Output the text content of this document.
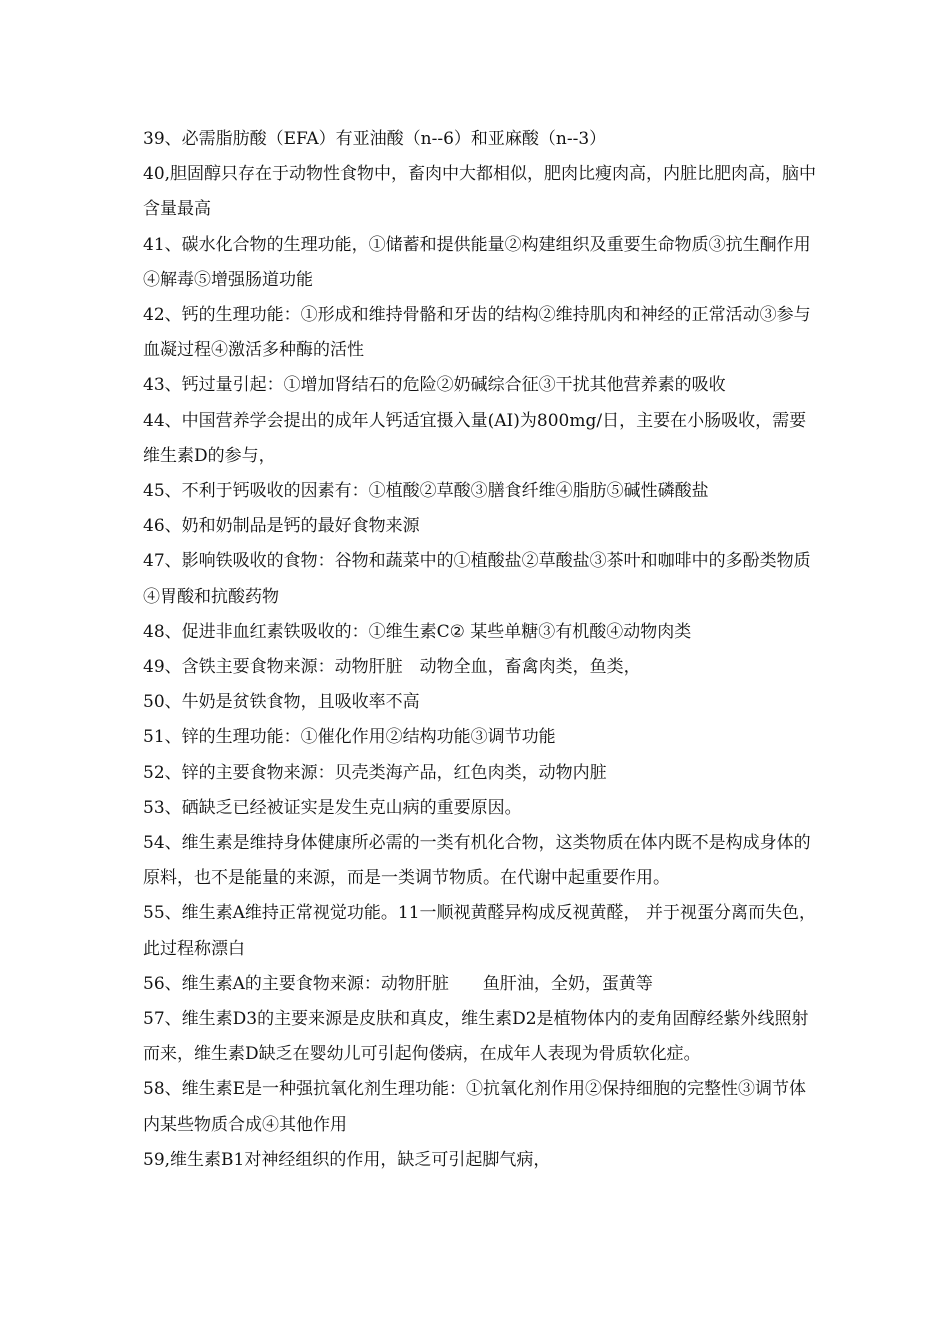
39、必需脂肪酸（EFA）有亚油酸（n--6）和亚麻酸（n--3）

40,胆固醇只存在于动物性食物中，畜肉中大都相似，肥肉比瘦肉高，内脏比肥肉高，脑中含量最高

41、碳水化合物的生理功能，①储蓄和提供能量②构建组织及重要生命物质③抗生酮作用④解毒⑤增强肠道功能

42、钙的生理功能：①形成和维持骨骼和牙齿的结构②维持肌肉和神经的正常活动③参与血凝过程④激活多种酶的活性

43、钙过量引起：①增加肾结石的危险②奶碱综合征③干扰其他营养素的吸收

44、中国营养学会提出的成年人钙适宜摄入量(AI)为800mg/日，主要在小肠吸收，需要维生素D的参与，

45、不利于钙吸收的因素有：①植酸②草酸③膳食纤维④脂肪⑤碱性磷酸盐

46、奶和奶制品是钙的最好食物来源

47、影响铁吸收的食物：谷物和蔬菜中的①植酸盐②草酸盐③茶叶和咖啡中的多酚类物质④胃酸和抗酸药物

48、促进非血红素铁吸收的：①维生素C② 某些单糖③有机酸④动物肉类

49、含铁主要食物来源：动物肝脏　动物全血，畜禽肉类，鱼类，

50、牛奶是贫铁食物，且吸收率不高

51、锌的生理功能：①催化作用②结构功能③调节功能

52、锌的主要食物来源：贝壳类海产品，红色肉类，动物内脏

53、硒缺乏已经被证实是发生克山病的重要原因。

54、维生素是维持身体健康所必需的一类有机化合物，这类物质在体内既不是构成身体的原料，也不是能量的来源，而是一类调节物质。在代谢中起重要作用。

55、维生素A维持正常视觉功能。11一顺视黄醛异构成反视黄醛， 并于视蛋分离而失色，此过程称漂白

56、维生素A的主要食物来源：动物肝脏　　鱼肝油，全奶，蛋黄等

57、维生素D3的主要来源是皮肤和真皮，维生素D2是植物体内的麦角固醇经紫外线照射而来，维生素D缺乏在婴幼儿可引起佝偻病，在成年人表现为骨质软化症。

58、维生素E是一种强抗氧化剂生理功能：①抗氧化剂作用②保持细胞的完整性③调节体内某些物质合成④其他作用

59,维生素B1对神经组织的作用，缺乏可引起脚气病，
